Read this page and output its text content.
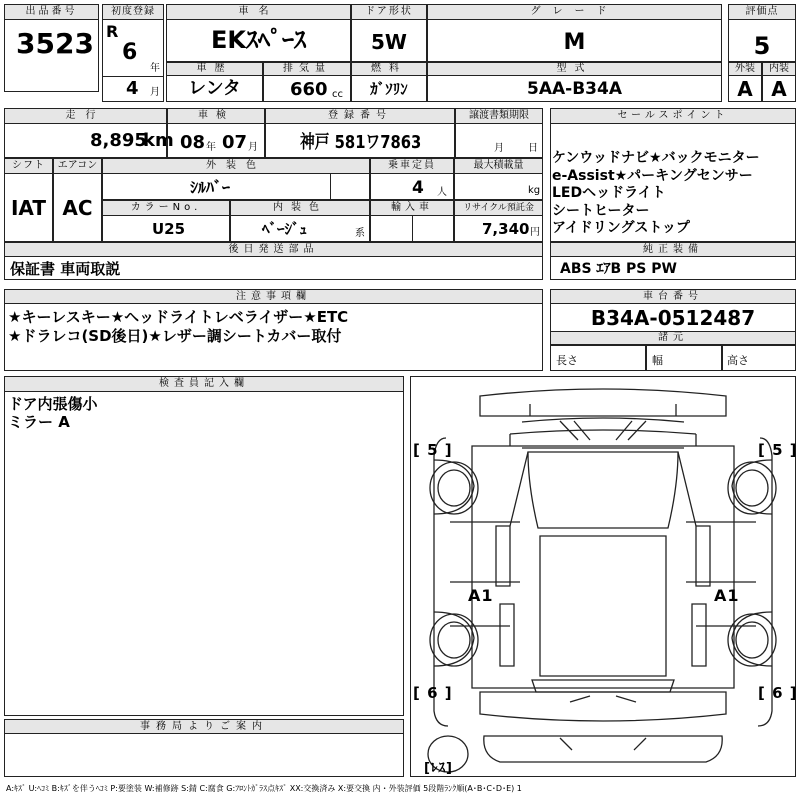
出品番号
3523
初度登録
R
6
年
4 月
車名
EKｽﾍﾟｰｽ
ドア形状
5W
グレード
M
評価点
5
車歴
レンタ
排気量
660 cc
燃料
ｶﾞｿﾘﾝ
型式
5AA-B34A
外装
A
内装
A
走行
8,895
km
車検
08 年 07 月
登録番号
神戸 581ワ7863
譲渡書類期限
月 日
セールスポイント
ケンウッドナビ★バックモニター
e-Assist★パーキングセンサー
LEDヘッドライト
シートヒーター
アイドリングストップ
シフト
IAT
エアコン
AC
外装色
ｼﾙﾊﾞｰ
乗車定員
4 人
最大積載量
kg
カラーNo.
U25
内装色
ﾍﾞｰｼﾞｭ	系
輸入車	リサイクル預託金
7,340 円
後日発送部品
保証書 車両取説
純正装備
ABS ｴｱB PS PW
注意事項欄
★キーレスキー★ヘッドライトレベライザー★ETC
★ドラレコ(SD後日)★レザー調シートカバー取付
車台番号
B34A-0512487
諸元
長さ	幅	高さ
検査員記入欄
ドア内張傷小
ミラー A
事務局よりご案内
[ 5 ]	[ 5 ]
[ 6 ]	[ 6 ]
A1	A1
[ﾚｽ]
A:ｷｽﾞ U:ﾍｺﾐ B:ｷｽﾞを伴うﾍｺﾐ P:要塗装 W:補修跡 S:錆 C:腐食 G:ﾌﾛﾝﾄｶﾞﾗｽ点ｷｽﾞ XX:交換済み X:要交換 内・外装評価 5段階ﾗﾝｸ順(A･B･C･D･E) 1
